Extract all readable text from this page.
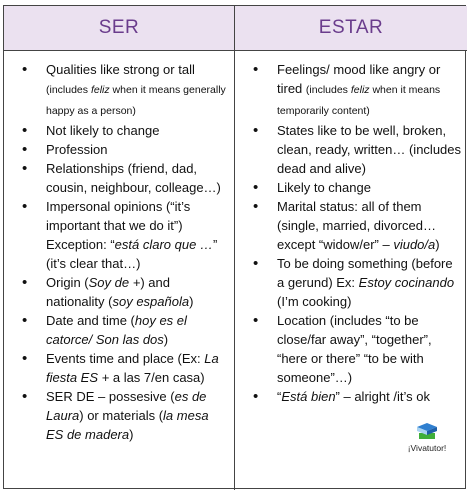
SER	ESTAR
• Qualities like strong or tall (includes feliz when it means generally happy as a person)
• Not likely to change
• Profession
• Relationships (friend, dad, cousin, neighbour, colleage…)
• Impersonal opinions (“it’s important that we do it”) Exception: “está claro que …” (it’s clear that…)
• Origin (Soy de +) and nationality (soy española)
• Date and time (hoy es el catorce/ Son las dos)
• Events time and place (Ex: La fiesta ES + a las 7/en casa)
• SER DE – possesive (es de Laura) or materials (la mesa ES de madera)
• Feelings/ mood like angry or tired (includes feliz when it means temporarily content)
• States like to be well, broken, clean, ready, written… (includes dead and alive)
• Likely to change
• Marital status: all of them (single, married, divorced… except “widow/er” – viudo/a)
• To be doing something (before a gerund) Ex: Estoy cocinando (I’m cooking)
• Location (includes “to be close/far away”, “together”, “here or there” “to be with someone”…)
• “Está bien” – alright /it’s ok
¡Vivatutor!
